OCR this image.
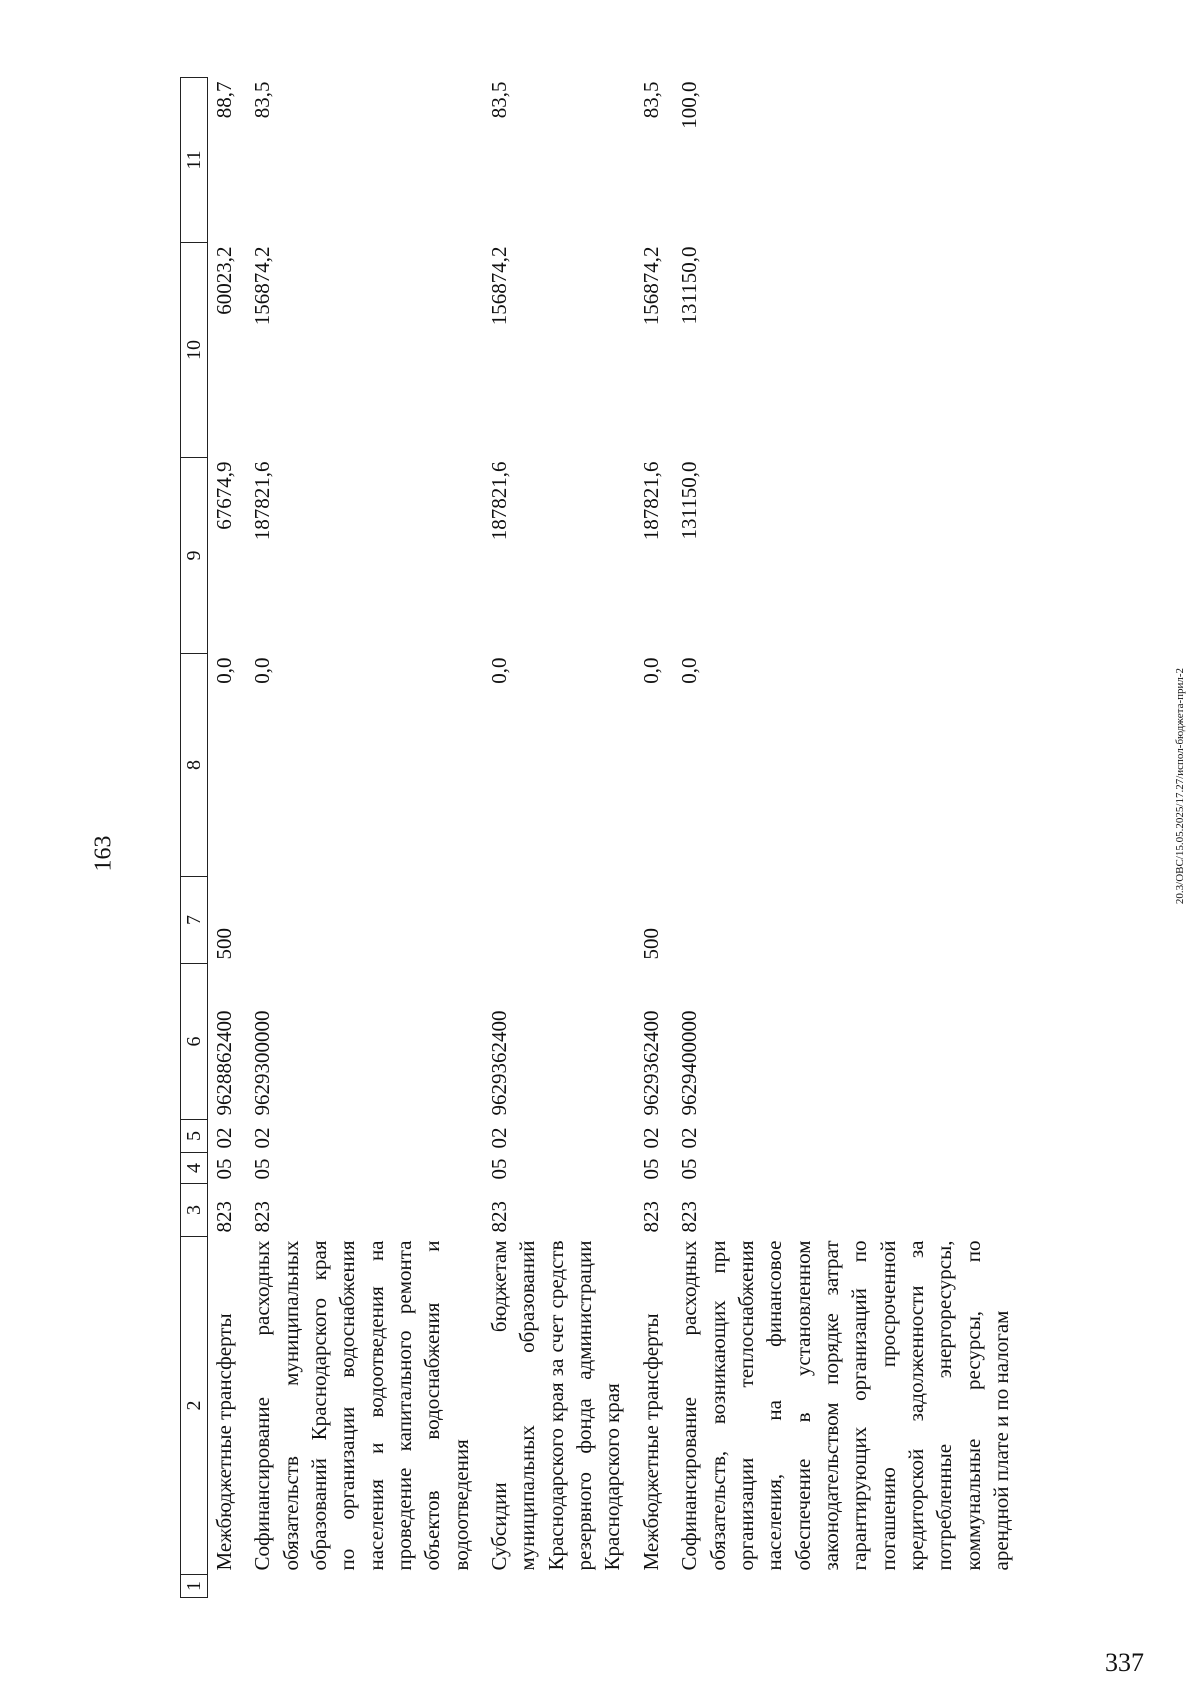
163
337
20.3/ОВС/15.05.2025/17.27/испол-бюджета-прил-2
1	2	3	4	5	6	7	8	9	10	11
	Межбюджетные трансферты	823	05	02	9628862400	500	0,0	67674,9	60023,2	88,7
	Софинансирование расходных обязательств муниципальных образований Краснодарского края по организации водоснабжения населения и водоотведения на проведение капитального ремонта объектов водоснабжения и водоотведения	823	05	02	9629300000		0,0	187821,6	156874,2	83,5
	Субсидии бюджетам муниципальных образований Краснодарского края за счет средств резервного фонда администрации Краснодарского края	823	05	02	9629362400		0,0	187821,6	156874,2	83,5
	Межбюджетные трансферты	823	05	02	9629362400	500	0,0	187821,6	156874,2	83,5
	Софинансирование расходных обязательств, возникающих при организации теплоснабжения населения, на финансовое обеспечение в установленном законодательством порядке затрат гарантирующих организаций по погашению просроченной кредиторской задолженности за потребленные энергоресурсы, коммунальные ресурсы, по арендной плате и по налогам	823	05	02	9629400000		0,0	131150,0	131150,0	100,0
